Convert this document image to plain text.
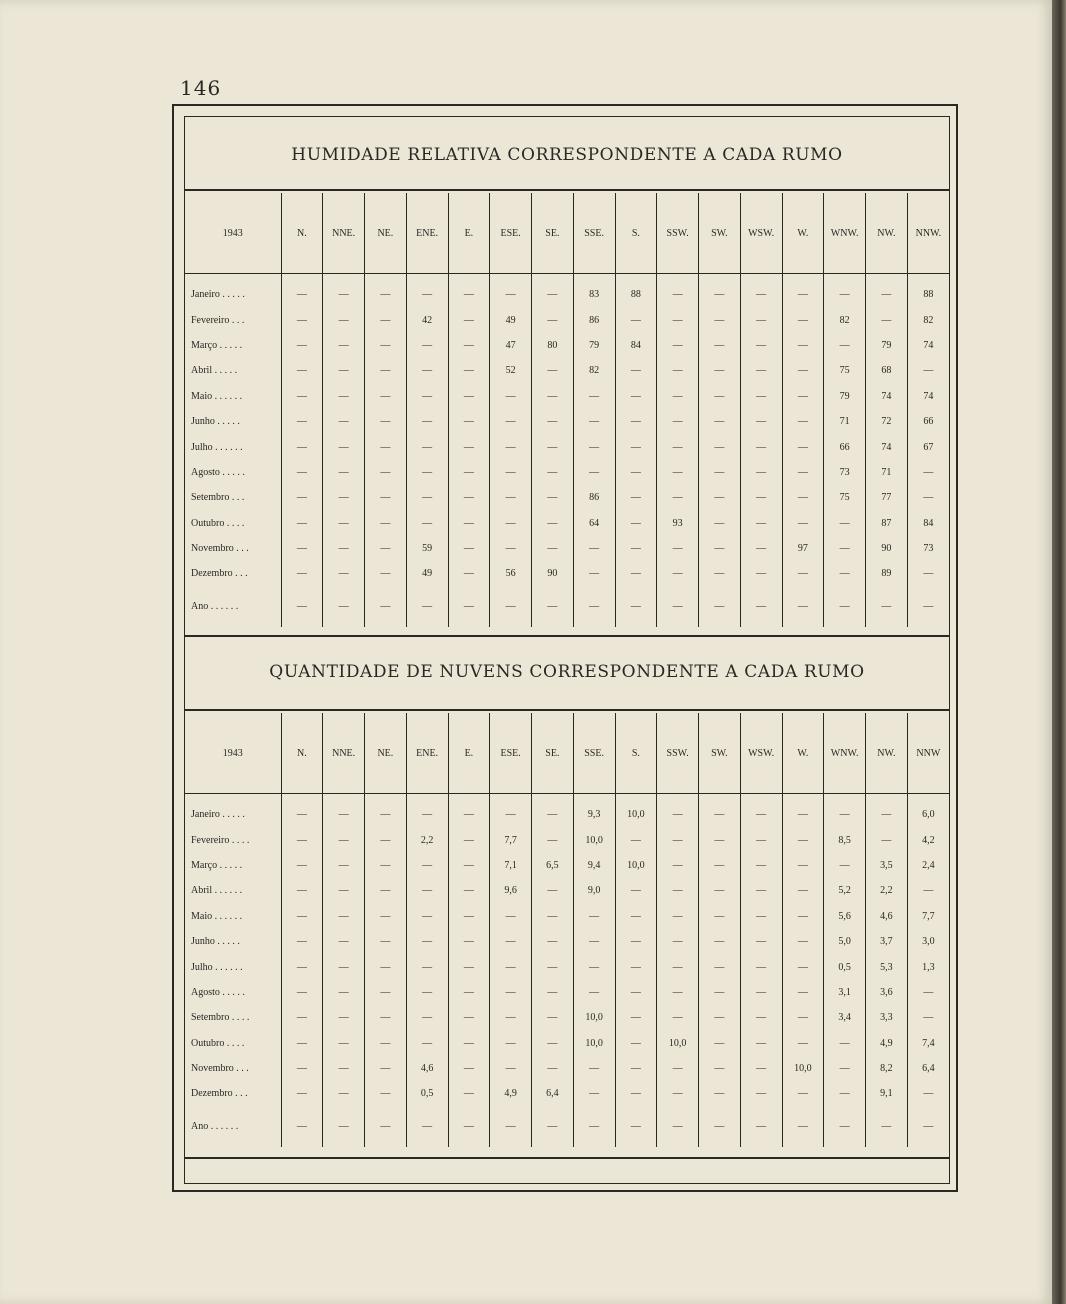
146
HUMIDADE RELATIVA CORRESPONDENTE A CADA RUMO
1943	N.	NNE.	NE.	ENE.	E.	ESE.	SE.	SSE.	S.	SSW.	SW.	WSW.	W.	WNW.	NW.	NNW.
Janeiro . . . . .	—	—	—	—	—	—	—	83	88	—	—	—	—	—	—	88
Fevereiro . . .	—	—	—	42	—	49	—	86	—	—	—	—	—	82	—	82
Março . . . . .	—	—	—	—	—	47	80	79	84	—	—	—	—	—	79	74
Abril . . . . .	—	—	—	—	—	52	—	82	—	—	—	—	—	75	68	—
Maio . . . . . .	—	—	—	—	—	—	—	—	—	—	—	—	—	79	74	74
Junho . . . . .	—	—	—	—	—	—	—	—	—	—	—	—	—	71	72	66
Julho . . . . . .	—	—	—	—	—	—	—	—	—	—	—	—	—	66	74	67
Agosto . . . . .	—	—	—	—	—	—	—	—	—	—	—	—	—	73	71	—
Setembro . . .	—	—	—	—	—	—	—	86	—	—	—	—	—	75	77	—
Outubro . . . .	—	—	—	—	—	—	—	64	—	93	—	—	—	—	87	84
Novembro . . .	—	—	—	59	—	—	—	—	—	—	—	—	97	—	90	73
Dezembro . . .	—	—	—	49	—	56	90	—	—	—	—	—	—	—	89	—
Ano . . . . . .	—	—	—	—	—	—	—	—	—	—	—	—	—	—	—	—
QUANTIDADE DE NUVENS CORRESPONDENTE A CADA RUMO
1943	N.	NNE.	NE.	ENE.	E.	ESE.	SE.	SSE.	S.	SSW.	SW.	WSW.	W.	WNW.	NW.	NNW
Janeiro . . . . .	—	—	—	—	—	—	—	9,3	10,0	—	—	—	—	—	—	6,0
Fevereiro . . . .	—	—	—	2,2	—	7,7	—	10,0	—	—	—	—	—	8,5	—	4,2
Março . . . . .	—	—	—	—	—	7,1	6,5	9,4	10,0	—	—	—	—	—	3,5	2,4
Abril . . . . . .	—	—	—	—	—	9,6	—	9,0	—	—	—	—	—	5,2	2,2	—
Maio . . . . . .	—	—	—	—	—	—	—	—	—	—	—	—	—	5,6	4,6	7,7
Junho . . . . .	—	—	—	—	—	—	—	—	—	—	—	—	—	5,0	3,7	3,0
Julho . . . . . .	—	—	—	—	—	—	—	—	—	—	—	—	—	0,5	5,3	1,3
Agosto . . . . .	—	—	—	—	—	—	—	—	—	—	—	—	—	3,1	3,6	—
Setembro . . . .	—	—	—	—	—	—	—	10,0	—	—	—	—	—	3,4	3,3	—
Outubro . . . .	—	—	—	—	—	—	—	10,0	—	10,0	—	—	—	—	4,9	7,4
Novembro . . .	—	—	—	4,6	—	—	—	—	—	—	—	—	10,0	—	8,2	6,4
Dezembro . . .	—	—	—	0,5	—	4,9	6,4	—	—	—	—	—	—	—	9,1	—
Ano . . . . . .	—	—	—	—	—	—	—	—	—	—	—	—	—	—	—	—
